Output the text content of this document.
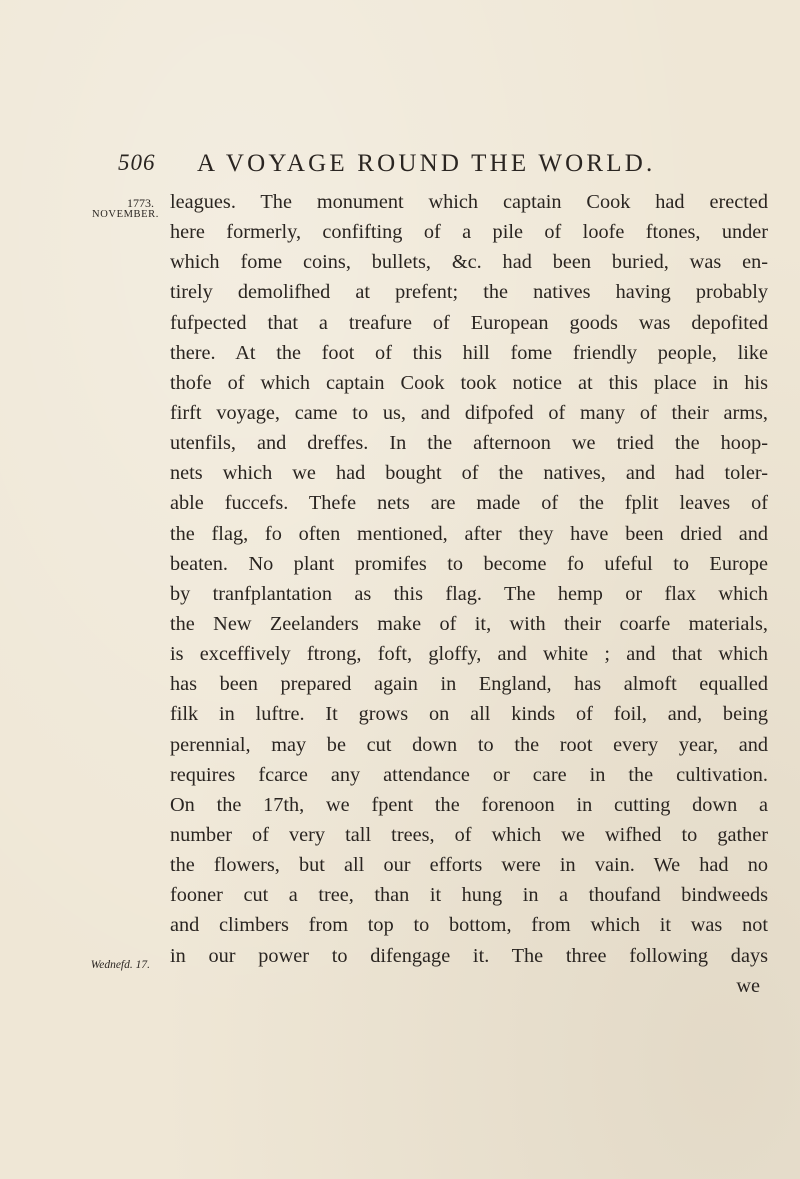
506 A VOYAGE ROUND THE WORLD.
1773.
NOVEMBER.
Wednefd. 17.
leagues. The monument which captain Cook had erected
here formerly, confifting of a pile of loofe ftones, under
which fome coins, bullets, &c. had been buried, was en-
tirely demolifhed at prefent; the natives having probably
fufpected that a treafure of European goods was depofited
there. At the foot of this hill fome friendly people, like
thofe of which captain Cook took notice at this place in his
firft voyage, came to us, and difpofed of many of their arms,
utenfils, and dreffes. In the afternoon we tried the hoop-
nets which we had bought of the natives, and had toler-
able fuccefs. Thefe nets are made of the fplit leaves of
the flag, fo often mentioned, after they have been dried and
beaten. No plant promifes to become fo ufeful to Europe
by tranfplantation as this flag. The hemp or flax which
the New Zeelanders make of it, with their coarfe materials,
is exceffively ftrong, foft, gloffy, and white ; and that which
has been prepared again in England, has almoft equalled
filk in luftre. It grows on all kinds of foil, and, being
perennial, may be cut down to the root every year, and
requires fcarce any attendance or care in the cultivation.
On the 17th, we fpent the forenoon in cutting down a
number of very tall trees, of which we wifhed to gather
the flowers, but all our efforts were in vain. We had no
fooner cut a tree, than it hung in a thoufand bindweeds
and climbers from top to bottom, from which it was not
in our power to difengage it. The three following days
we
